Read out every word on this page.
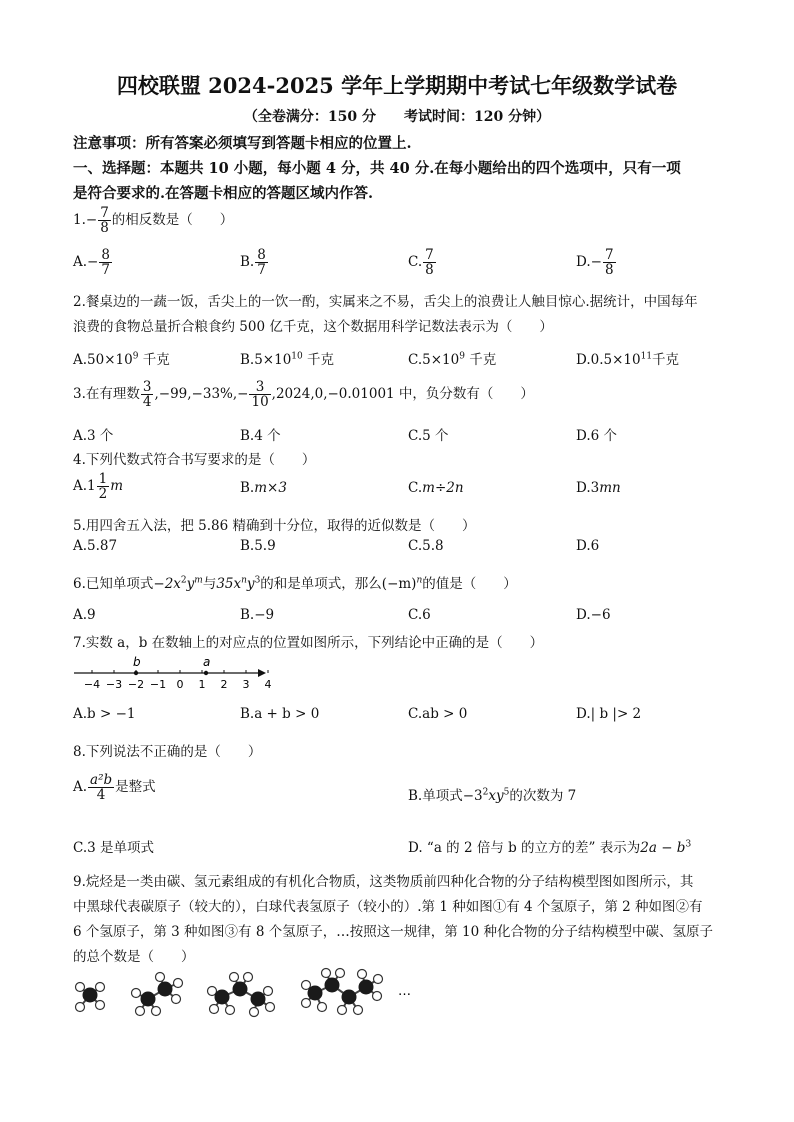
四校联盟 2024-2025 学年上学期期中考试七年级数学试卷
（全卷满分：150 分　　考试时间：120 分钟）
注意事项：所有答案必须填写到答题卡相应的位置上.
一、选择题：本题共 10 小题，每小题 4 分，共 40 分.在每小题给出的四个选项中，只有一项
是符合要求的.在答题卡相应的答题区域内作答.
$1.- \frac{7}{8}$ 的相反数是（　　）
$A.- \frac{8}{7}$	B. $\frac{8}{7}$	C. $\frac{7}{8}$	$D.- \frac{7}{8}$
2.餐桌边的一蔬一饭，舌尖上的一饮一酌，实属来之不易，舌尖上的浪费让人触目惊心.据统计，中国每年
浪费的食物总量折合粮食约 500 亿千克，这个数据用科学记数法表示为（　　）
$A.50\times 10^9$ 千克	$B.5\times 10^{10}$ 千克	$C.5\times 10^9$ 千克	$D.0.5\times 10^{11}$千克
3.在有理数 $\frac{3}{4} ,-99,-33\%,- \frac{3}{10} ,2024,0,-0.01001$ 中，负分数有（　　）
A.3 个	B.4 个	C.5 个	D.6 个
4.下列代数式符合书写要求的是（　　）
$A.1 \frac{1}{2}$ m	B.m×3	C.m÷2n	D.3mn
5.用四舍五入法，把 5.86 精确到十分位，取得的近似数是（　　）
A.5.87	B.5.9	C.5.8	D.6
6.已知单项式$-2x^2y^m$与$35x^ny^3$的和是单项式，那么$(-m)^n$的值是（　　）
A.9	B.−9	C.6	D.−6
7.实数 a，b 在数轴上的对应点的位置如图所示，下列结论中正确的是（　　）
−4 −3 −2 −1 0 1 2 3 4
b	a
A.b > −1	B.a + b > 0	C.ab > 0	D.| b |> 2
8.下列说法不正确的是（　　）
A. $\frac{\text{a²b}}{4}$ 是整式
B.单项式$-3^2xy^5$的次数为 7
C.3 是单项式	D. “a 的 2 倍与 b 的立方的差” 表示为$2a - b^3$
9.烷烃是一类由碳、氢元素组成的有机化合物质，这类物质前四种化合物的分子结构模型图如图所示，其
中黑球代表碳原子（较大的），白球代表氢原子（较小的）.第 1 种如图①有 4 个氢原子，第 2 种如图②有
6 个氢原子，第 3 种如图③有 8 个氢原子，…按照这一规律，第 10 种化合物的分子结构模型中碳、氢原子
的总个数是（　　）
…
